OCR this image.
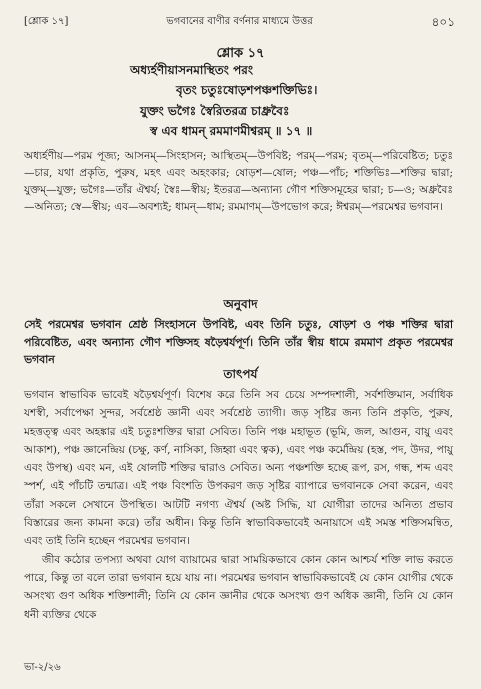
[শ্লোক ১৭]	ভগবানের বাণীর বর্ণনার মাধ্যমে উত্তর	৪০১
শ্লোক ১৭
অধ্যর্হণীয়াসনমাস্থিতং পরং
বৃতং চতুঃষোড়শপঞ্চশক্তিভিঃ।
যুক্তং ভগৈঃ স্বৈরিতরত্র চাধ্রুবৈঃ
স্ব এব ধামন্ রমমাণমীশ্বরম্ ॥ ১৭ ॥

অধ্যর্হণীয়—পরম পূজ্য; আসনম্—সিংহাসন; আস্থিতম্—উপবিষ্ট; পরম্—পরম; বৃতম্—পরিবেষ্টিত; চতুঃ—চার, যথা প্রকৃতি, পুরুষ, মহৎ এবং অহংকার; ষোড়শ—ষোল; পঞ্চ—পাঁচ; শক্তিভিঃ—শক্তির দ্বারা; যুক্তম্—যুক্ত; ভগৈঃ—তাঁর ঐশ্বর্য; স্বৈঃ—স্বীয়; ইতরত্র—অন্যান্য গৌণ শক্তিসমূহের দ্বারা; চ—ও; অধ্রুবৈঃ—অনিত্য; স্বে—স্বীয়; এব—অবশ্যই; ধামন্—ধাম; রমমাণম্—উপভোগ করে; ঈশ্বরম্—পরমেশ্বর ভগবান।

অনুবাদ

সেই পরমেশ্বর ভগবান শ্রেষ্ঠ সিংহাসনে উপবিষ্ট, এবং তিনি চতুঃ, ষোড়শ ও পঞ্চ শক্তির দ্বারা পরিবেষ্টিত, এবং অন্যান্য গৌণ শক্তিসহ ষড়ৈশ্বর্যপূর্ণ। তিনি তাঁর স্বীয় ধামে রমমাণ প্রকৃত পরমেশ্বর ভগবান

তাৎপর্য

ভগবান স্বাভাবিক ভাবেই ষড়ৈশ্বর্যপূর্ণ। বিশেষ করে তিনি সব চেয়ে সম্পদশালী, সর্বশক্তিমান, সর্বাধিক যশস্বী, সর্বাপেক্ষা সুন্দর, সর্বশ্রেষ্ঠ জ্ঞানী এবং সর্বশ্রেষ্ঠ ত্যাগী। জড় সৃষ্টির জন্য তিনি প্রকৃতি, পুরুষ, মহত্তত্ত্ব এবং অহঙ্কার এই চতুঃশক্তির দ্বারা সেবিত। তিনি পঞ্চ মহাভূত (ভূমি, জল, আগুন, বায়ু এবং আকাশ), পঞ্চ জ্ঞানেন্দ্রিয় (চক্ষু, কর্ণ, নাসিকা, জিহ্বা এবং ত্বক), এবং পঞ্চ কর্মেন্দ্রিয় (হস্ত, পদ, উদর, পায়ু এবং উপস্থ) এবং মন, এই ষোলটি শক্তির দ্বারাও সেবিত। অন্য পঞ্চশক্তি হচ্ছে রূপ, রস, গন্ধ, শব্দ এবং স্পর্শ, এই পাঁচটি তন্মাত্র। এই পঞ্চ বিংশতি উপকরণ জড় সৃষ্টির ব্যাপারে ভগবানকে সেবা করেন, এবং তাঁরা সকলে সেখানে উপস্থিত। আটটি নগণ্য ঐশ্বর্য (অষ্ট সিদ্ধি, যা যোগীরা তাদের অনিত্য প্রভাব বিস্তারের জন্য কামনা করে) তাঁর অধীন। কিন্তু তিনি স্বাভাবিকভাবেই অনায়াসে এই সমস্ত শক্তিসমন্বিত, এবং তাই তিনি হচ্ছেন পরমেশ্বর ভগবান।

জীব কঠোর তপস্যা অথবা যোগ ব্যায়ামের দ্বারা সাময়িকভাবে কোন কোন আশ্চর্য শক্তি লাভ করতে পারে, কিন্তু তা বলে তারা ভগবান হয়ে যায় না। পরমেশ্বর ভগবান স্বাভাবিকভাবেই যে কোন যোগীর থেকে অসংখ্য গুণ অধিক শক্তিশালী; তিনি যে কোন জ্ঞানীর থেকে অসংখ্য গুণ অধিক জ্ঞানী, তিনি যে কোন ধনী ব্যক্তির থেকে

ভা-২/২৬
